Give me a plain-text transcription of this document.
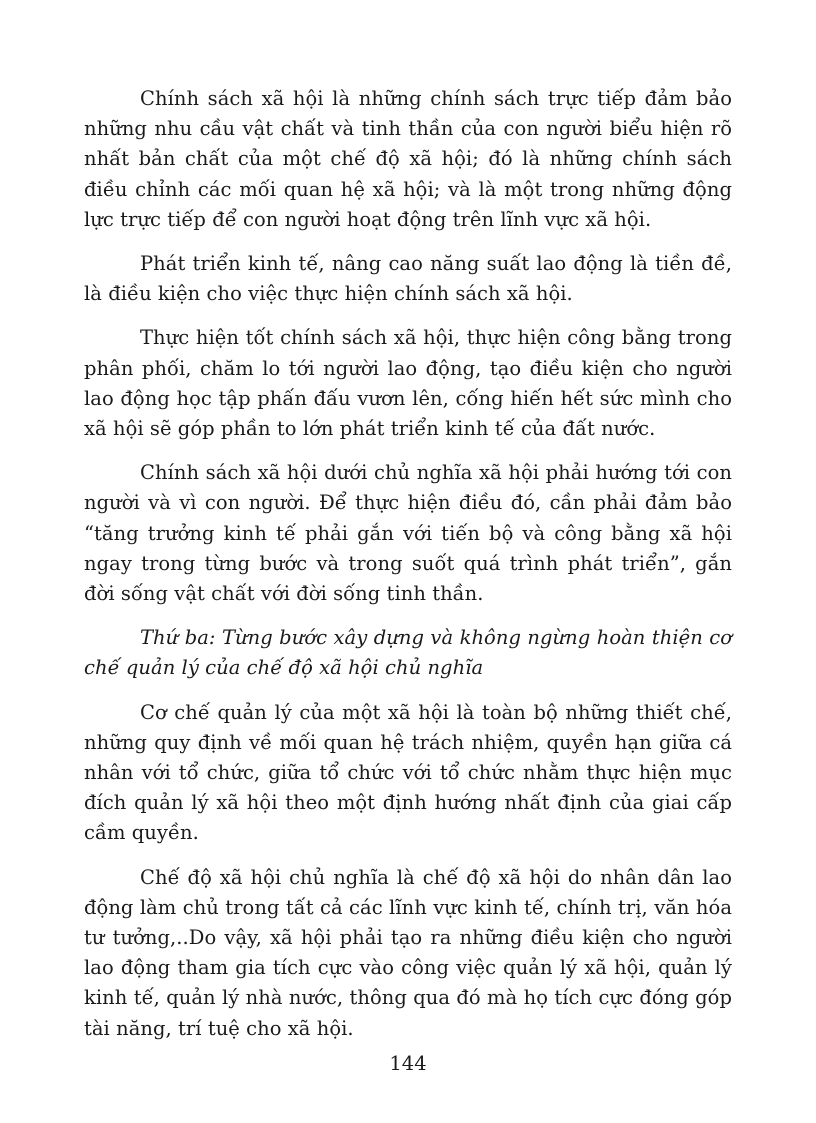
Chính sách xã hội là những chính sách trực tiếp đảm bảo những nhu cầu vật chất và tinh thần của con người biểu hiện rõ nhất bản chất của một chế độ xã hội; đó là những chính sách điều chỉnh các mối quan hệ xã hội; và là một trong những động lực trực tiếp để con người hoạt động trên lĩnh vực xã hội.

Phát triển kinh tế, nâng cao năng suất lao động là tiền đề, là điều kiện cho việc thực hiện chính sách xã hội.

Thực hiện tốt chính sách xã hội, thực hiện công bằng trong phân phối, chăm lo tới người lao động, tạo điều kiện cho người lao động học tập phấn đấu vươn lên, cống hiến hết sức mình cho xã hội sẽ góp phần to lớn phát triển kinh tế của đất nước.

Chính sách xã hội dưới chủ nghĩa xã hội phải hướng tới con người và vì con người. Để thực hiện điều đó, cần phải đảm bảo “tăng trưởng kinh tế phải gắn với tiến bộ và công bằng xã hội ngay trong từng bước và trong suốt quá trình phát triển”, gắn đời sống vật chất với đời sống tinh thần.

Thứ ba: Từng bước xây dựng và không ngừng hoàn thiện cơ chế quản lý của chế độ xã hội chủ nghĩa

Cơ chế quản lý của một xã hội là toàn bộ những thiết chế, những quy định về mối quan hệ trách nhiệm, quyền hạn giữa cá nhân với tổ chức, giữa tổ chức với tổ chức nhằm thực hiện mục đích quản lý xã hội theo một định hướng nhất định của giai cấp cầm quyền.

Chế độ xã hội chủ nghĩa là chế độ xã hội do nhân dân lao động làm chủ trong tất cả các lĩnh vực kinh tế, chính trị, văn hóa tư tưởng,..Do vậy, xã hội phải tạo ra những điều kiện cho người lao động tham gia tích cực vào công việc quản lý xã hội, quản lý kinh tế, quản lý nhà nước, thông qua đó mà họ tích cực đóng góp tài năng, trí tuệ cho xã hội.

144
